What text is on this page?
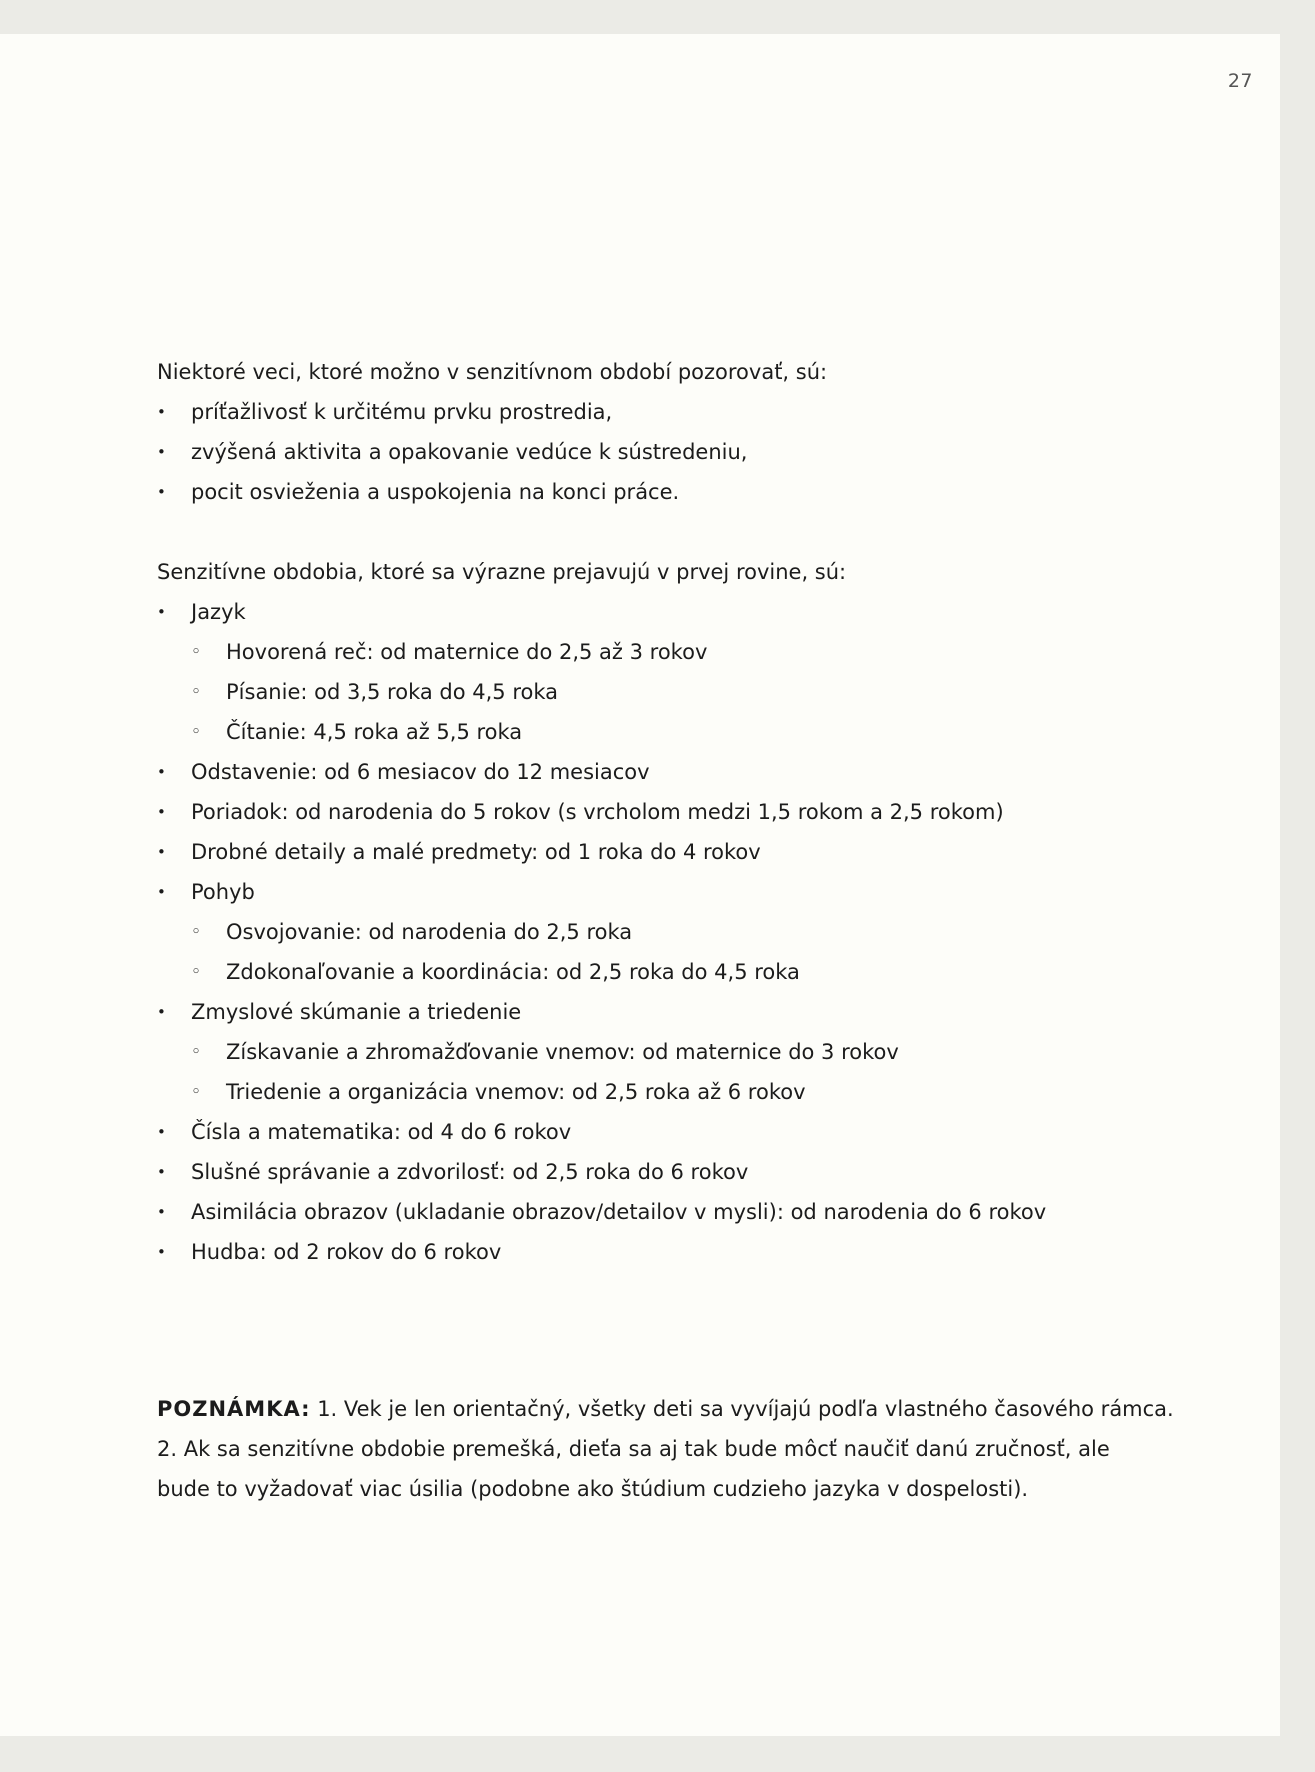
27
Niektoré veci, ktoré možno v senzitívnom období pozorovať, sú:
• príťažlivosť k určitému prvku prostredia,
• zvýšená aktivita a opakovanie vedúce k sústredeniu,
• pocit osvieženia a uspokojenia na konci práce.
Senzitívne obdobia, ktoré sa výrazne prejavujú v prvej rovine, sú:
• Jazyk
◦ Hovorená reč: od maternice do 2,5 až 3 rokov
◦ Písanie: od 3,5 roka do 4,5 roka
◦ Čítanie: 4,5 roka až 5,5 roka
• Odstavenie: od 6 mesiacov do 12 mesiacov
• Poriadok: od narodenia do 5 rokov (s vrcholom medzi 1,5 rokom a 2,5 rokom)
• Drobné detaily a malé predmety: od 1 roka do 4 rokov
• Pohyb
◦ Osvojovanie: od narodenia do 2,5 roka
◦ Zdokonaľovanie a koordinácia: od 2,5 roka do 4,5 roka
• Zmyslové skúmanie a triedenie
◦ Získavanie a zhromažďovanie vnemov: od maternice do 3 rokov
◦ Triedenie a organizácia vnemov: od 2,5 roka až 6 rokov
• Čísla a matematika: od 4 do 6 rokov
• Slušné správanie a zdvorilosť: od 2,5 roka do 6 rokov
• Asimilácia obrazov (ukladanie obrazov/detailov v mysli): od narodenia do 6 rokov
• Hudba: od 2 rokov do 6 rokov
POZNÁMKA: 1. Vek je len orientačný, všetky deti sa vyvíjajú podľa vlastného časového rámca.
2. Ak sa senzitívne obdobie premešká, dieťa sa aj tak bude môcť naučiť danú zručnosť, ale
bude to vyžadovať viac úsilia (podobne ako štúdium cudzieho jazyka v dospelosti).
